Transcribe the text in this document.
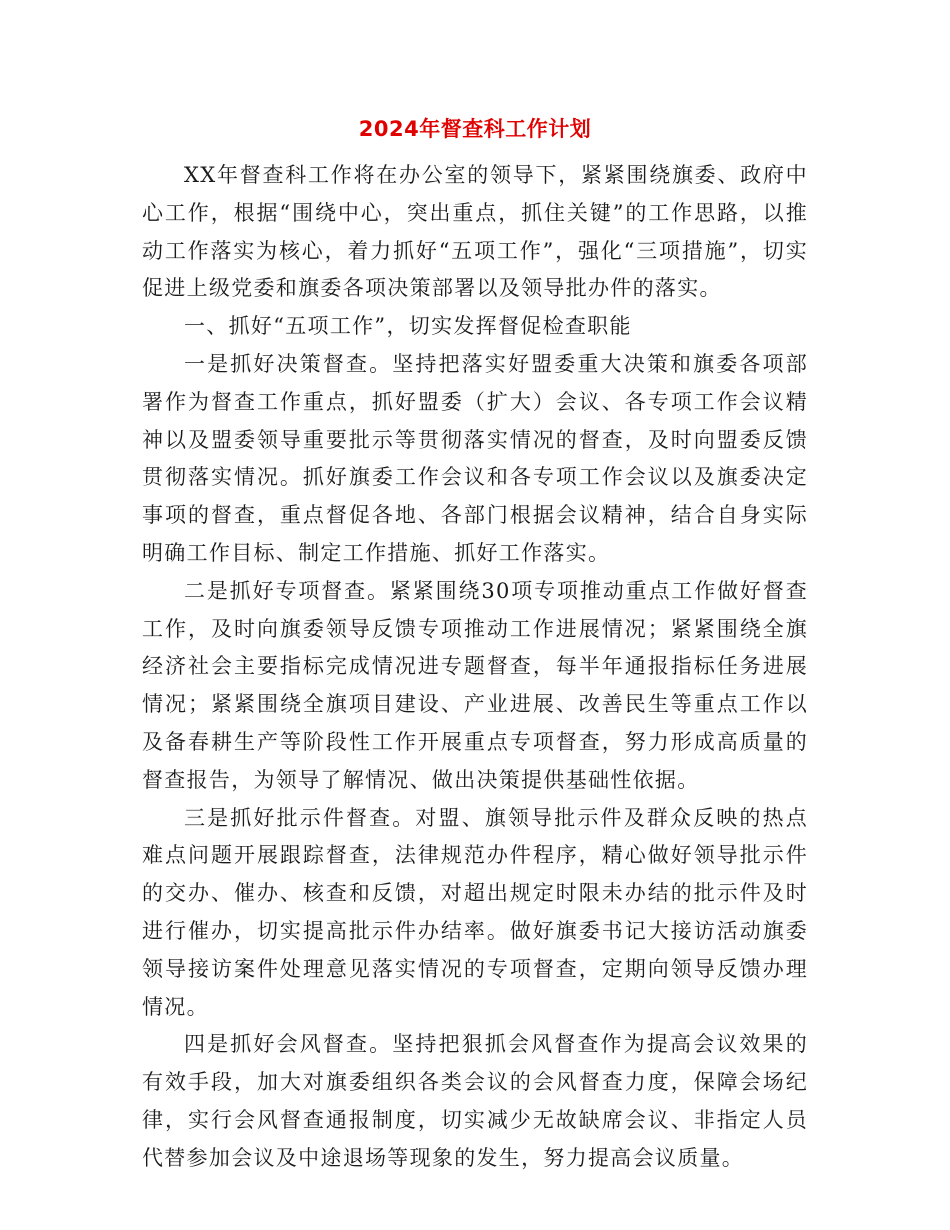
2024年督查科工作计划

XX年督查科工作将在办公室的领导下，紧紧围绕旗委、政府中心工作，根据“围绕中心，突出重点，抓住关键”的工作思路，以推动工作落实为核心，着力抓好“五项工作”，强化“三项措施”，切实促进上级党委和旗委各项决策部署以及领导批办件的落实。

一、抓好“五项工作”，切实发挥督促检查职能

一是抓好决策督查。坚持把落实好盟委重大决策和旗委各项部署作为督查工作重点，抓好盟委（扩大）会议、各专项工作会议精神以及盟委领导重要批示等贯彻落实情况的督查，及时向盟委反馈贯彻落实情况。抓好旗委工作会议和各专项工作会议以及旗委决定事项的督查，重点督促各地、各部门根据会议精神，结合自身实际明确工作目标、制定工作措施、抓好工作落实。

二是抓好专项督查。紧紧围绕30项专项推动重点工作做好督查工作，及时向旗委领导反馈专项推动工作进展情况；紧紧围绕全旗经济社会主要指标完成情况进专题督查，每半年通报指标任务进展情况；紧紧围绕全旗项目建设、产业进展、改善民生等重点工作以及备春耕生产等阶段性工作开展重点专项督查，努力形成高质量的督查报告，为领导了解情况、做出决策提供基础性依据。

三是抓好批示件督查。对盟、旗领导批示件及群众反映的热点难点问题开展跟踪督查，法律规范办件程序，精心做好领导批示件的交办、催办、核查和反馈，对超出规定时限未办结的批示件及时进行催办，切实提高批示件办结率。做好旗委书记大接访活动旗委领导接访案件处理意见落实情况的专项督查，定期向领导反馈办理情况。

四是抓好会风督查。坚持把狠抓会风督查作为提高会议效果的有效手段，加大对旗委组织各类会议的会风督查力度，保障会场纪律，实行会风督查通报制度，切实减少无故缺席会议、非指定人员代替参加会议及中途退场等现象的发生，努力提高会议质量。
